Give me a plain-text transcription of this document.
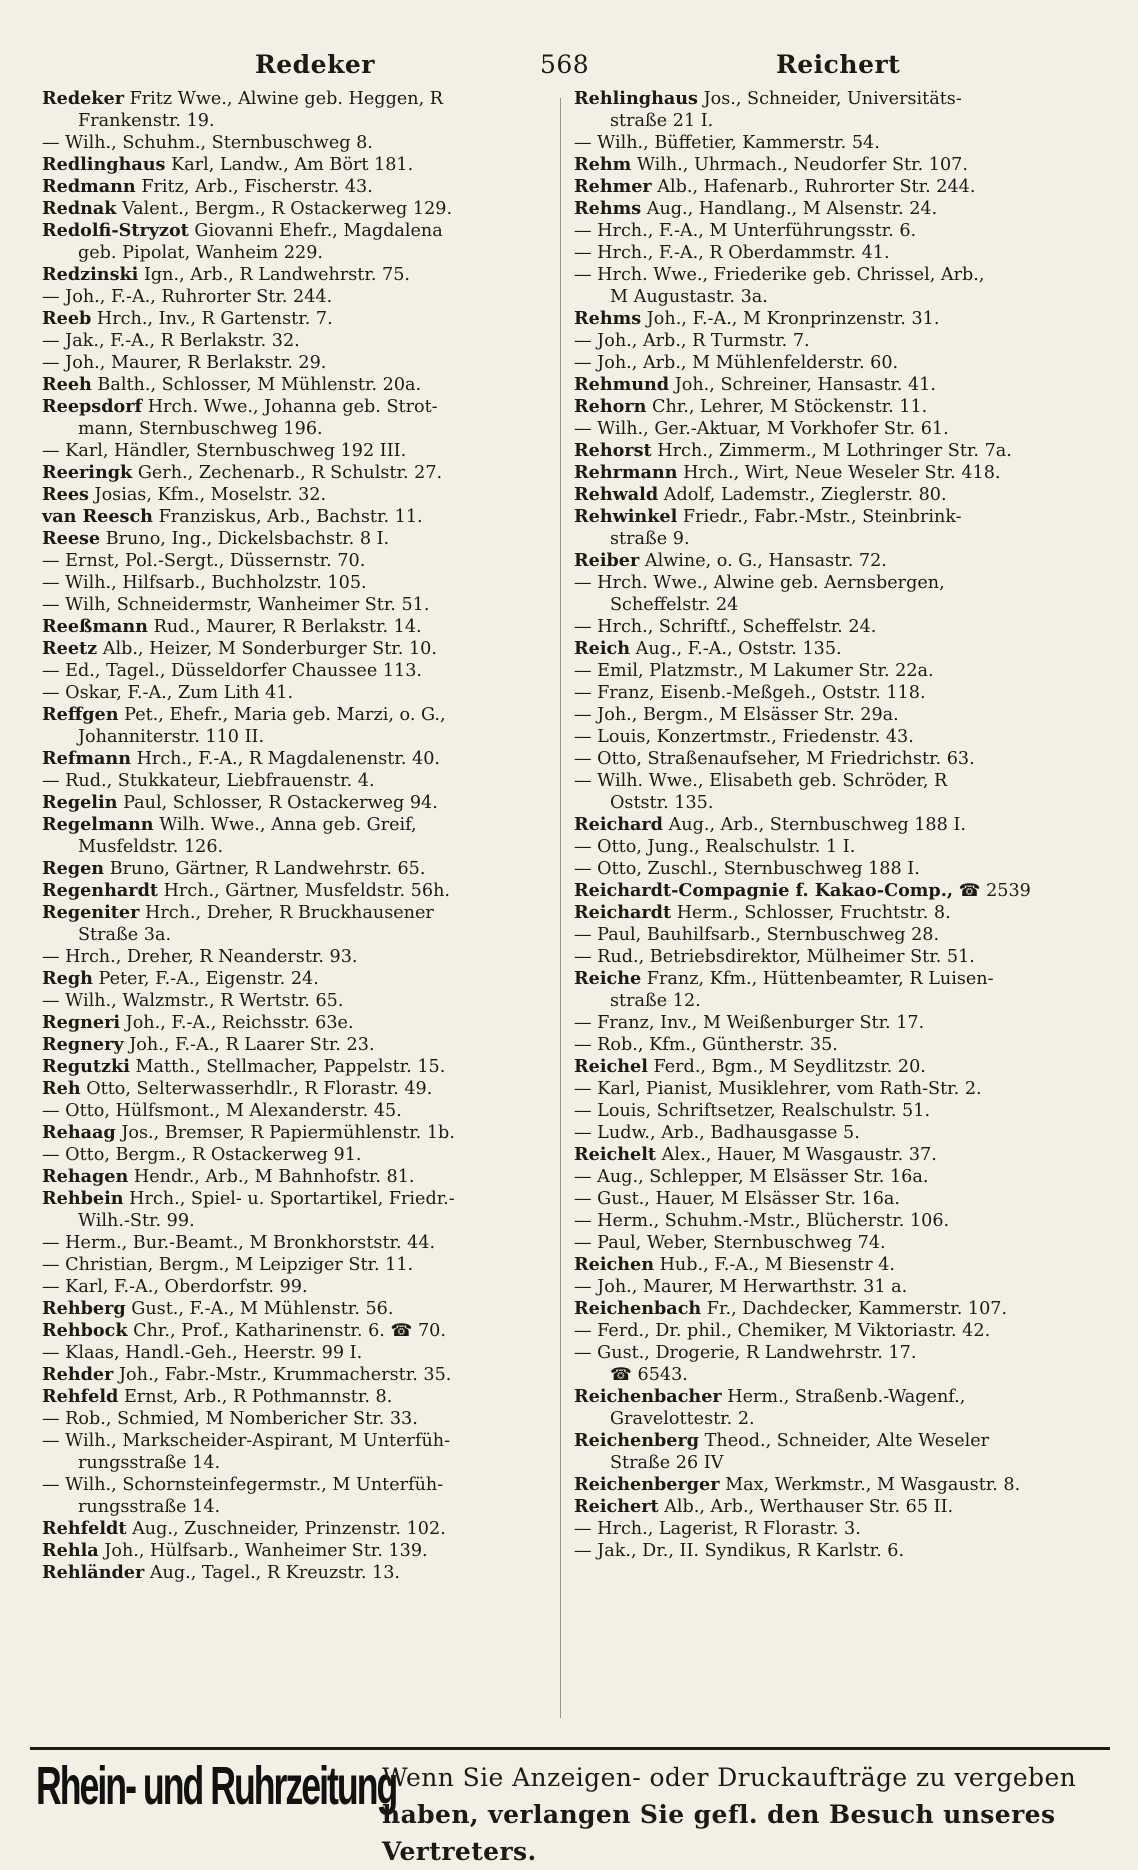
Redeker	568	Reichert

Redeker Fritz Wwe., Alwine geb. Heggen, R
Frankenstr. 19.

— Wilh., Schuhm., Sternbuschweg 8.

Redlinghaus Karl, Landw., Am Bört 181.

Redmann Fritz, Arb., Fischerstr. 43.

Rednak Valent., Bergm., R Ostackerweg 129.

Redolfi-Stryzot Giovanni Ehefr., Magdalena
geb. Pipolat, Wanheim 229.

Redzinski Ign., Arb., R Landwehrstr. 75.

— Joh., F.-A., Ruhrorter Str. 244.

Reeb Hrch., Inv., R Gartenstr. 7.

— Jak., F.-A., R Berlakstr. 32.

— Joh., Maurer, R Berlakstr. 29.

Reeh Balth., Schlosser, M Mühlenstr. 20a.

Reepsdorf Hrch. Wwe., Johanna geb. Strot-
mann, Sternbuschweg 196.

— Karl, Händler, Sternbuschweg 192 III.

Reeringk Gerh., Zechenarb., R Schulstr. 27.

Rees Josias, Kfm., Moselstr. 32.

van Reesch Franziskus, Arb., Bachstr. 11.

Reese Bruno, Ing., Dickelsbachstr. 8 I.

— Ernst, Pol.-Sergt., Düssernstr. 70.

— Wilh., Hilfsarb., Buchholzstr. 105.

— Wilh, Schneidermstr, Wanheimer Str. 51.

Reeßmann Rud., Maurer, R Berlakstr. 14.

Reetz Alb., Heizer, M Sonderburger Str. 10.

— Ed., Tagel., Düsseldorfer Chaussee 113.

— Oskar, F.-A., Zum Lith 41.

Reffgen Pet., Ehefr., Maria geb. Marzi, o. G.,
Johanniterstr. 110 II.

Refmann Hrch., F.-A., R Magdalenenstr. 40.

— Rud., Stukkateur, Liebfrauenstr. 4.

Regelin Paul, Schlosser, R Ostackerweg 94.

Regelmann Wilh. Wwe., Anna geb. Greif,
Musfeldstr. 126.

Regen Bruno, Gärtner, R Landwehrstr. 65.

Regenhardt Hrch., Gärtner, Musfeldstr. 56h.

Regeniter Hrch., Dreher, R Bruckhausener
Straße 3a.

— Hrch., Dreher, R Neanderstr. 93.

Regh Peter, F.-A., Eigenstr. 24.

— Wilh., Walzmstr., R Wertstr. 65.

Regneri Joh., F.-A., Reichsstr. 63e.

Regnery Joh., F.-A., R Laarer Str. 23.

Regutzki Matth., Stellmacher, Pappelstr. 15.

Reh Otto, Selterwasserhdlr., R Florastr. 49.

— Otto, Hülfsmont., M Alexanderstr. 45.

Rehaag Jos., Bremser, R Papiermühlenstr. 1b.

— Otto, Bergm., R Ostackerweg 91.

Rehagen Hendr., Arb., M Bahnhofstr. 81.

Rehbein Hrch., Spiel- u. Sportartikel, Friedr.-
Wilh.-Str. 99.

— Herm., Bur.-Beamt., M Bronkhorststr. 44.

— Christian, Bergm., M Leipziger Str. 11.

— Karl, F.-A., Oberdorfstr. 99.

Rehberg Gust., F.-A., M Mühlenstr. 56.

Rehbock Chr., Prof., Katharinenstr. 6. ☎ 70.

— Klaas, Handl.-Geh., Heerstr. 99 I.

Rehder Joh., Fabr.-Mstr., Krummacherstr. 35.

Rehfeld Ernst, Arb., R Pothmannstr. 8.

— Rob., Schmied, M Nombericher Str. 33.

— Wilh., Markscheider-Aspirant, M Unterfüh-
rungsstraße 14.

— Wilh., Schornsteinfegermstr., M Unterfüh-
rungsstraße 14.

Rehfeldt Aug., Zuschneider, Prinzenstr. 102.

Rehla Joh., Hülfsarb., Wanheimer Str. 139.

Rehländer Aug., Tagel., R Kreuzstr. 13.

Rehlinghaus Jos., Schneider, Universitäts-
straße 21 I.

— Wilh., Büffetier, Kammerstr. 54.

Rehm Wilh., Uhrmach., Neudorfer Str. 107.

Rehmer Alb., Hafenarb., Ruhrorter Str. 244.

Rehms Aug., Handlang., M Alsenstr. 24.

— Hrch., F.-A., M Unterführungsstr. 6.

— Hrch., F.-A., R Oberdammstr. 41.

— Hrch. Wwe., Friederike geb. Chrissel, Arb.,
M Augustastr. 3a.

Rehms Joh., F.-A., M Kronprinzenstr. 31.

— Joh., Arb., R Turmstr. 7.

— Joh., Arb., M Mühlenfelderstr. 60.

Rehmund Joh., Schreiner, Hansastr. 41.

Rehorn Chr., Lehrer, M Stöckenstr. 11.

— Wilh., Ger.-Aktuar, M Vorkhofer Str. 61.

Rehorst Hrch., Zimmerm., M Lothringer Str. 7a.

Rehrmann Hrch., Wirt, Neue Weseler Str. 418.

Rehwald Adolf, Lademstr., Zieglerstr. 80.

Rehwinkel Friedr., Fabr.-Mstr., Steinbrink-
straße 9.

Reiber Alwine, o. G., Hansastr. 72.

— Hrch. Wwe., Alwine geb. Aernsbergen,
Scheffelstr. 24

— Hrch., Schriftf., Scheffelstr. 24.

Reich Aug., F.-A., Oststr. 135.

— Emil, Platzmstr., M Lakumer Str. 22a.

— Franz, Eisenb.-Meßgeh., Oststr. 118.

— Joh., Bergm., M Elsässer Str. 29a.

— Louis, Konzertmstr., Friedenstr. 43.

— Otto, Straßenaufseher, M Friedrichstr. 63.

— Wilh. Wwe., Elisabeth geb. Schröder, R
Oststr. 135.

Reichard Aug., Arb., Sternbuschweg 188 I.

— Otto, Jung., Realschulstr. 1 I.

— Otto, Zuschl., Sternbuschweg 188 I.

Reichardt-Compagnie f. Kakao-Comp., ☎ 2539

Reichardt Herm., Schlosser, Fruchtstr. 8.

— Paul, Bauhilfsarb., Sternbuschweg 28.

— Rud., Betriebsdirektor, Mülheimer Str. 51.

Reiche Franz, Kfm., Hüttenbeamter, R Luisen-
straße 12.

— Franz, Inv., M Weißenburger Str. 17.

— Rob., Kfm., Güntherstr. 35.

Reichel Ferd., Bgm., M Seydlitzstr. 20.

— Karl, Pianist, Musiklehrer, vom Rath-Str. 2.

— Louis, Schriftsetzer, Realschulstr. 51.

— Ludw., Arb., Badhausgasse 5.

Reichelt Alex., Hauer, M Wasgaustr. 37.

— Aug., Schlepper, M Elsässer Str. 16a.

— Gust., Hauer, M Elsässer Str. 16a.

— Herm., Schuhm.-Mstr., Blücherstr. 106.

— Paul, Weber, Sternbuschweg 74.

Reichen Hub., F.-A., M Biesenstr 4.

— Joh., Maurer, M Herwarthstr. 31 a.

Reichenbach Fr., Dachdecker, Kammerstr. 107.

— Ferd., Dr. phil., Chemiker, M Viktoriastr. 42.

— Gust., Drogerie, R Landwehrstr. 17.
☎ 6543.

Reichenbacher Herm., Straßenb.-Wagenf.,
Gravelottestr. 2.

Reichenberg Theod., Schneider, Alte Weseler
Straße 26 IV

Reichenberger Max, Werkmstr., M Wasgaustr. 8.

Reichert Alb., Arb., Werthauser Str. 65 II.

— Hrch., Lagerist, R Florastr. 3.

— Jak., Dr., II. Syndikus, R Karlstr. 6.

Rhein- und Ruhrzeitung
Wenn Sie Anzeigen- oder Druckaufträge zu vergeben
haben, verlangen Sie gefl. den Besuch unseres Vertreters.
